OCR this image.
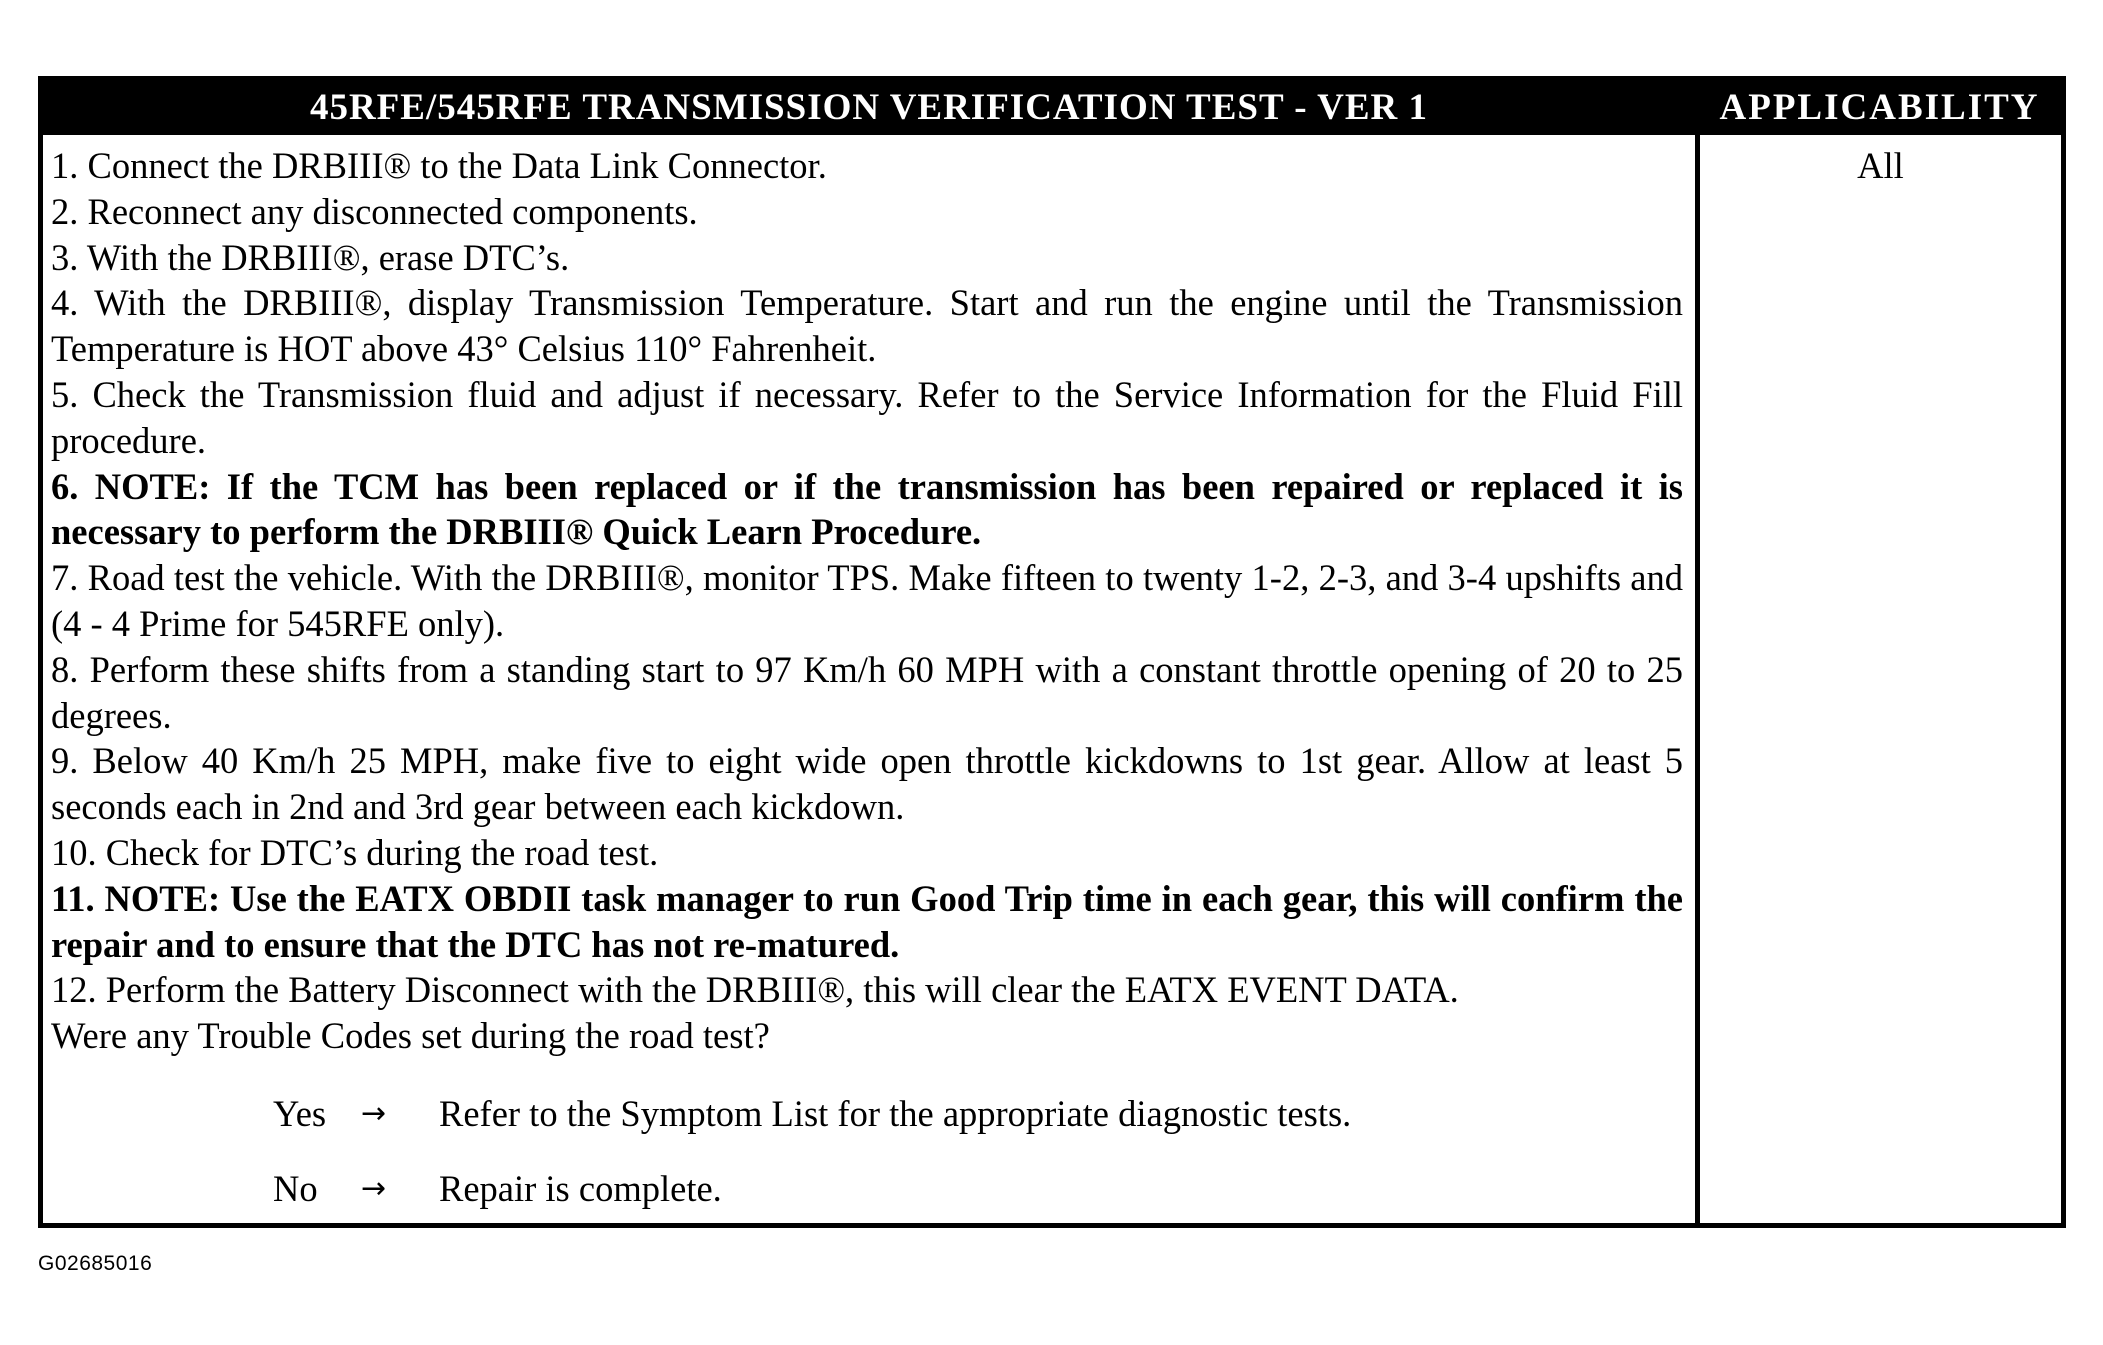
45RFE/545RFE TRANSMISSION VERIFICATION TEST - VER 1	APPLICABILITY
1. Connect the DRBIII® to the Data Link Connector.
2. Reconnect any disconnected components.
3. With the DRBIII®, erase DTC’s.
4. With the DRBIII®, display Transmission Temperature. Start and run the engine until the Transmission Temperature is HOT above 43° Celsius 110° Fahrenheit.
5. Check the Transmission fluid and adjust if necessary. Refer to the Service Information for the Fluid Fill procedure.
6. NOTE: If the TCM has been replaced or if the transmission has been repaired or replaced it is necessary to perform the DRBIII® Quick Learn Procedure.
7. Road test the vehicle. With the DRBIII®, monitor TPS. Make fifteen to twenty 1-2, 2-3, and 3-4 upshifts and (4 - 4 Prime for 545RFE only).
8. Perform these shifts from a standing start to 97 Km/h 60 MPH with a constant throttle opening of 20 to 25 degrees.
9. Below 40 Km/h 25 MPH, make five to eight wide open throttle kickdowns to 1st gear. Allow at least 5 seconds each in 2nd and 3rd gear between each kickdown.
10. Check for DTC’s during the road test.
11. NOTE: Use the EATX OBDII task manager to run Good Trip time in each gear, this will confirm the repair and to ensure that the DTC has not re-matured.
12. Perform the Battery Disconnect with the DRBIII®, this will clear the EATX EVENT DATA.
Were any Trouble Codes set during the road test?
Yes → Refer to the Symptom List for the appropriate diagnostic tests.
No → Repair is complete.
All
G02685016
